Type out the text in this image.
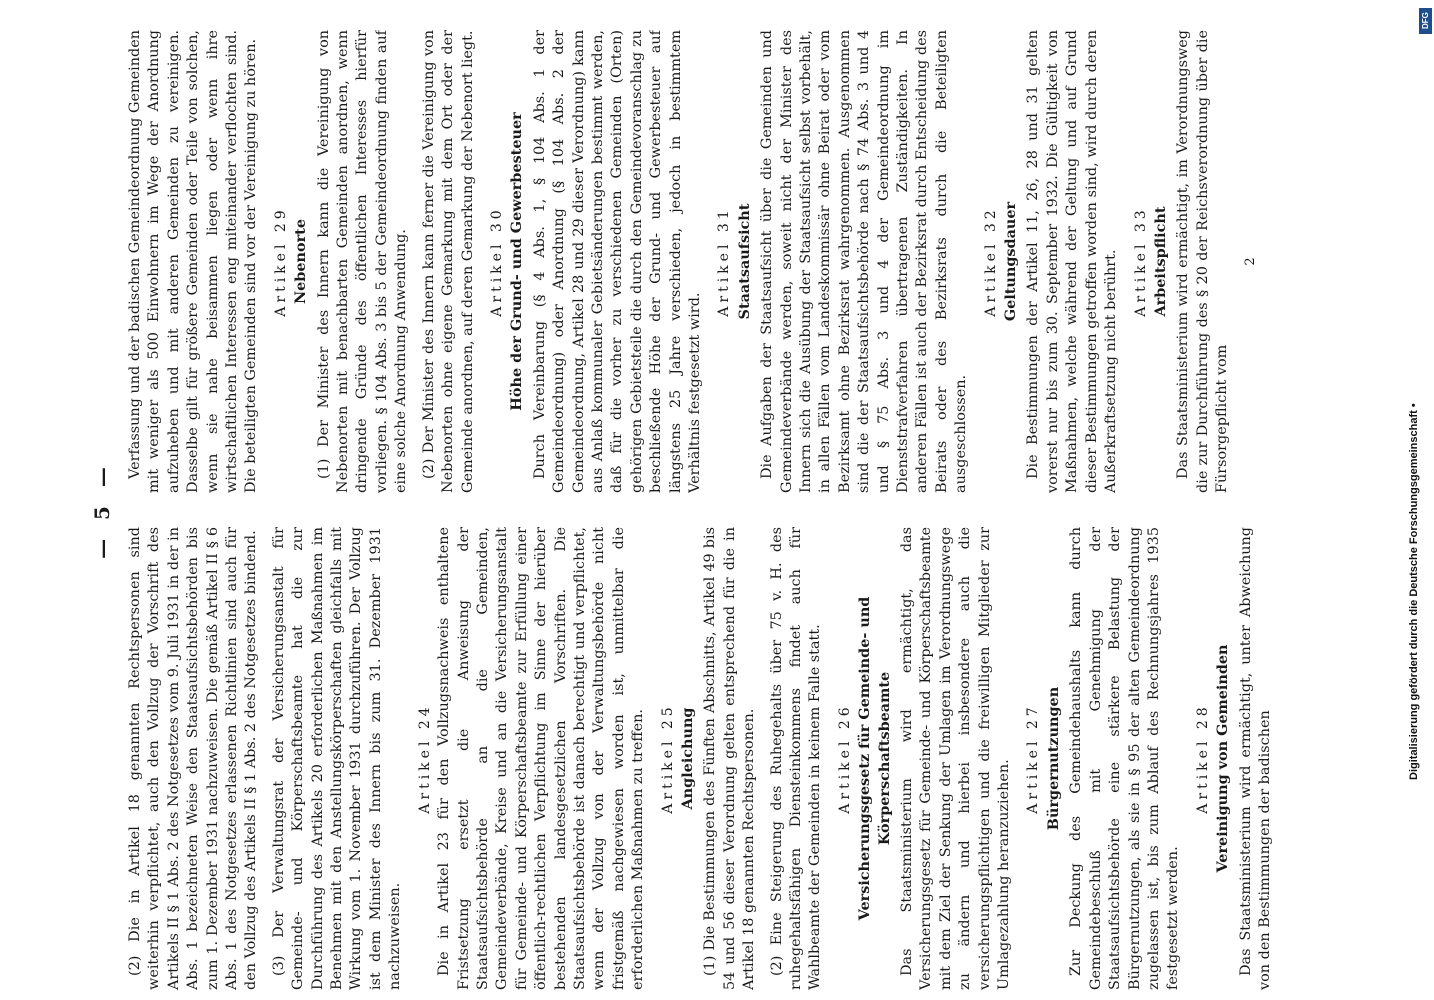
— 5 —

(2) Die in Artikel 18 genannten Rechtspersonen sind weiterhin verpflichtet, auch den Vollzug der Vorschrift des Artikels II § 1 Abs. 2 des Notgesetzes vom 9. Juli 1931 in der in Abs. 1 bezeichneten Weise den Staatsaufsichtsbehörden bis zum 1. Dezember 1931 nachzuweisen. Die gemäß Artikel II § 6 Abs. 1 des Notgesetzes erlassenen Richtlinien sind auch für den Vollzug des Artikels II § 1 Abs. 2 des Notgesetzes bindend. (3) Der Verwaltungsrat der Versicherungsanstalt für Gemeinde- und Körperschaftsbeamte hat die zur Durchführung des Artikels 20 erforderlichen Maßnahmen im Benehmen mit den Anstellungskörperschaften gleichfalls mit Wirkung vom 1. November 1931 durchzuführen. Der Vollzug ist dem Minister des Innern bis zum 31. Dezember 1931 nachzuweisen.

Artikel 24 Die in Artikel 23 für den Vollzugsnachweis enthaltene Fristsetzung ersetzt die Anweisung der Staatsaufsichtsbehörde an die Gemeinden, Gemeindeverbände, Kreise und an die Versicherungsanstalt für Gemeinde- und Körperschaftsbeamte zur Erfüllung einer öffentlich-rechtlichen Verpflichtung im Sinne der hierüber bestehenden landesgesetzlichen Vorschriften. Die Staatsaufsichtsbehörde ist danach berechtigt und verpflichtet, wenn der Vollzug von der Verwaltungsbehörde nicht fristgemäß nachgewiesen worden ist, unmittelbar die erforderlichen Maßnahmen zu treffen. Artikel 25 Angleichung (1) Die Bestimmungen des Fünften Abschnitts, Artikel 49 bis 54 und 56 dieser Verordnung gelten entsprechend für die in Artikel 18 genannten Rechtspersonen. (2) Eine Steigerung des Ruhegehalts über 75 v. H. des ruhegehaltsfähigen Diensteinkommens findet auch für Wahlbeamte der Gemeinden in keinem Falle statt. Artikel 26 Versicherungsgesetz für Gemeinde- und Körperschaftsbeamte Das Staatsministerium wird ermächtigt, das Versicherungsgesetz für Gemeinde- und Körperschaftsbeamte mit dem Ziel der Senkung der Umlagen im Verordnungswege zu ändern und hierbei insbesondere auch die versicherungspflichtigen und die freiwilligen Mitglieder zur Umlagezahlung heranzuziehen.

Artikel 27 Bürgernutzungen Zur Deckung des Gemeindehaushalts kann durch Gemeindebeschluß mit Genehmigung der Staatsaufsichtsbehörde eine stärkere Belastung der Bürgernutzungen, als sie in § 95 der alten Gemeindeordnung zugelassen ist, bis zum Ablauf des Rechnungsjahres 1935 festgesetzt werden.

Artikel 28 Vereinigung von Gemeinden Das Staatsministerium wird ermächtigt, unter Abweichung von den Bestimmungen der badischen

Verfassung und der badischen Gemeindeordnung Gemeinden mit weniger als 500 Einwohnern im Wege der Anordnung aufzuheben und mit anderen Gemeinden zu vereinigen. Dasselbe gilt für größere Gemeinden oder Teile von solchen, wenn sie nahe beisammen liegen oder wenn ihre wirtschaftlichen Interessen eng miteinander verflochten sind. Die beteiligten Gemeinden sind vor der Vereinigung zu hören. Artikel 29 Nebenorte (1) Der Minister des Innern kann die Vereinigung von Nebenorten mit benachbarten Gemeinden anordnen, wenn dringende Gründe des öffentlichen Interesses hierfür vorliegen. § 104 Abs. 3 bis 5 der Gemeindeordnung finden auf eine solche Anordnung Anwendung. (2) Der Minister des Innern kann ferner die Vereinigung von Nebenorten ohne eigene Gemarkung mit dem Ort oder der Gemeinde anordnen, auf deren Gemarkung der Nebenort liegt. Artikel 30 Höhe der Grund- und Gewerbesteuer Durch Vereinbarung (§ 4 Abs. 1, § 104 Abs. 1 der Gemeindeordnung) oder Anordnung (§ 104 Abs. 2 der Gemeindeordnung, Artikel 28 und 29 dieser Verordnung) kann aus Anlaß kommunaler Gebietsänderungen bestimmt werden, daß für die vorher zu verschiedenen Gemeinden (Orten) gehörigen Gebietsteile die durch den Gemeindevoranschlag zu beschließende Höhe der Grund- und Gewerbesteuer auf längstens 25 Jahre verschieden, jedoch in bestimmtem Verhältnis festgesetzt wird.

Artikel 31 Staatsaufsicht Die Aufgaben der Staatsaufsicht über die Gemeinden und Gemeindeverbände werden, soweit nicht der Minister des Innern sich die Ausübung der Staatsaufsicht selbst vorbehält, in allen Fällen vom Landeskommissär ohne Beirat oder vom Bezirksamt ohne Bezirksrat wahrgenommen. Ausgenommen sind die der Staatsaufsichtsbehörde nach § 74 Abs. 3 und 4 und § 75 Abs. 3 und 4 der Gemeindeordnung im Dienststrafverfahren übertragenen Zuständigkeiten. In anderen Fällen ist auch der Bezirksrat durch Entscheidung des Beirats oder des Bezirksrats durch die Beteiligten ausgeschlossen.

Artikel 32 Geltungsdauer Die Bestimmungen der Artikel 11, 26, 28 und 31 gelten vorerst nur bis zum 30. September 1932. Die Gültigkeit von Maßnahmen, welche während der Geltung und auf Grund dieser Bestimmungen getroffen worden sind, wird durch deren Außerkraftsetzung nicht berührt. Artikel 33 Arbeitspflicht Das Staatsministerium wird ermächtigt, im Verordnungsweg die zur Durchführung des § 20 der Reichsverordnung über die Fürsorgepflicht vom

2
Digitalisierung gefördert durch die Deutsche Forschungsgemeinschaft •
DFG
